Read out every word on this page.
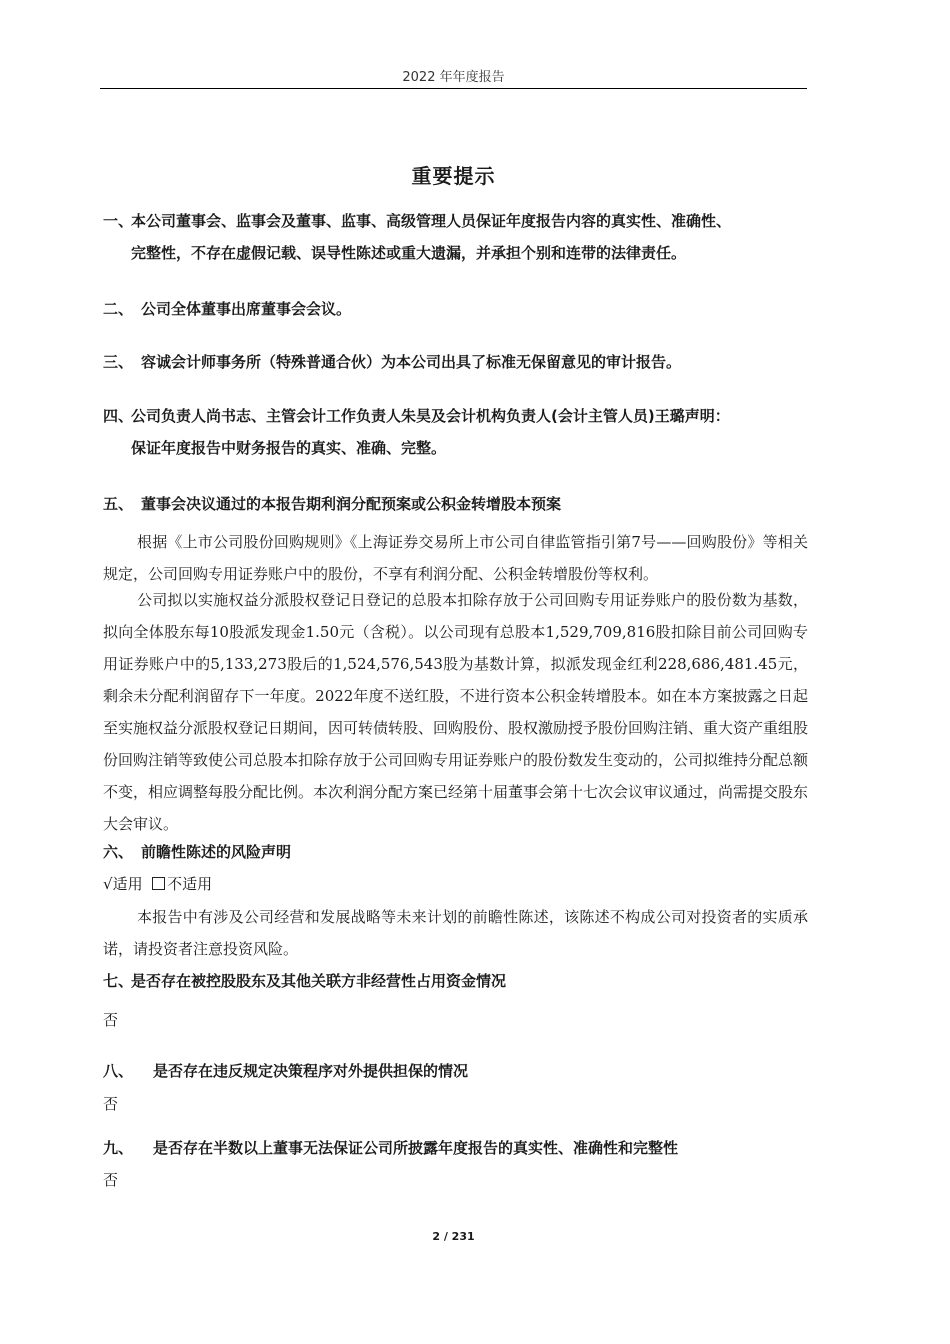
2022 年年度报告
重要提示
一、本公司董事会、监事会及董事、监事、高级管理人员保证年度报告内容的真实性、准确性、
完整性，不存在虚假记载、误导性陈述或重大遗漏，并承担个别和连带的法律责任。
二、 公司全体董事出席董事会会议。
三、 容诚会计师事务所（特殊普通合伙）为本公司出具了标准无保留意见的审计报告。
四、公司负责人尚书志、主管会计工作负责人朱昊及会计机构负责人(会计主管人员)王璐声明：
保证年度报告中财务报告的真实、准确、完整。
五、 董事会决议通过的本报告期利润分配预案或公积金转增股本预案
根据《上市公司股份回购规则》《上海证券交易所上市公司自律监管指引第7号——回购股份》等相关规定，公司回购专用证券账户中的股份，不享有利润分配、公积金转增股份等权利。
公司拟以实施权益分派股权登记日登记的总股本扣除存放于公司回购专用证券账户的股份数为基数，拟向全体股东每10股派发现金1.50元（含税）。以公司现有总股本1,529,709,816股扣除目前公司回购专用证券账户中的5,133,273股后的1,524,576,543股为基数计算，拟派发现金红利228,686,481.45元，剩余未分配利润留存下一年度。2022年度不送红股，不进行资本公积金转增股本。如在本方案披露之日起至实施权益分派股权登记日期间，因可转债转股、回购股份、股权激励授予股份回购注销、重大资产重组股份回购注销等致使公司总股本扣除存放于公司回购专用证券账户的股份数发生变动的，公司拟维持分配总额不变，相应调整每股分配比例。本次利润分配方案已经第十届董事会第十七次会议审议通过，尚需提交股东大会审议。
六、 前瞻性陈述的风险声明
√适用 不适用
本报告中有涉及公司经营和发展战略等未来计划的前瞻性陈述，该陈述不构成公司对投资者的实质承诺，请投资者注意投资风险。
七、是否存在被控股股东及其他关联方非经营性占用资金情况
否
八、 是否存在违反规定决策程序对外提供担保的情况
否
九、 是否存在半数以上董事无法保证公司所披露年度报告的真实性、准确性和完整性
否
2 / 231
